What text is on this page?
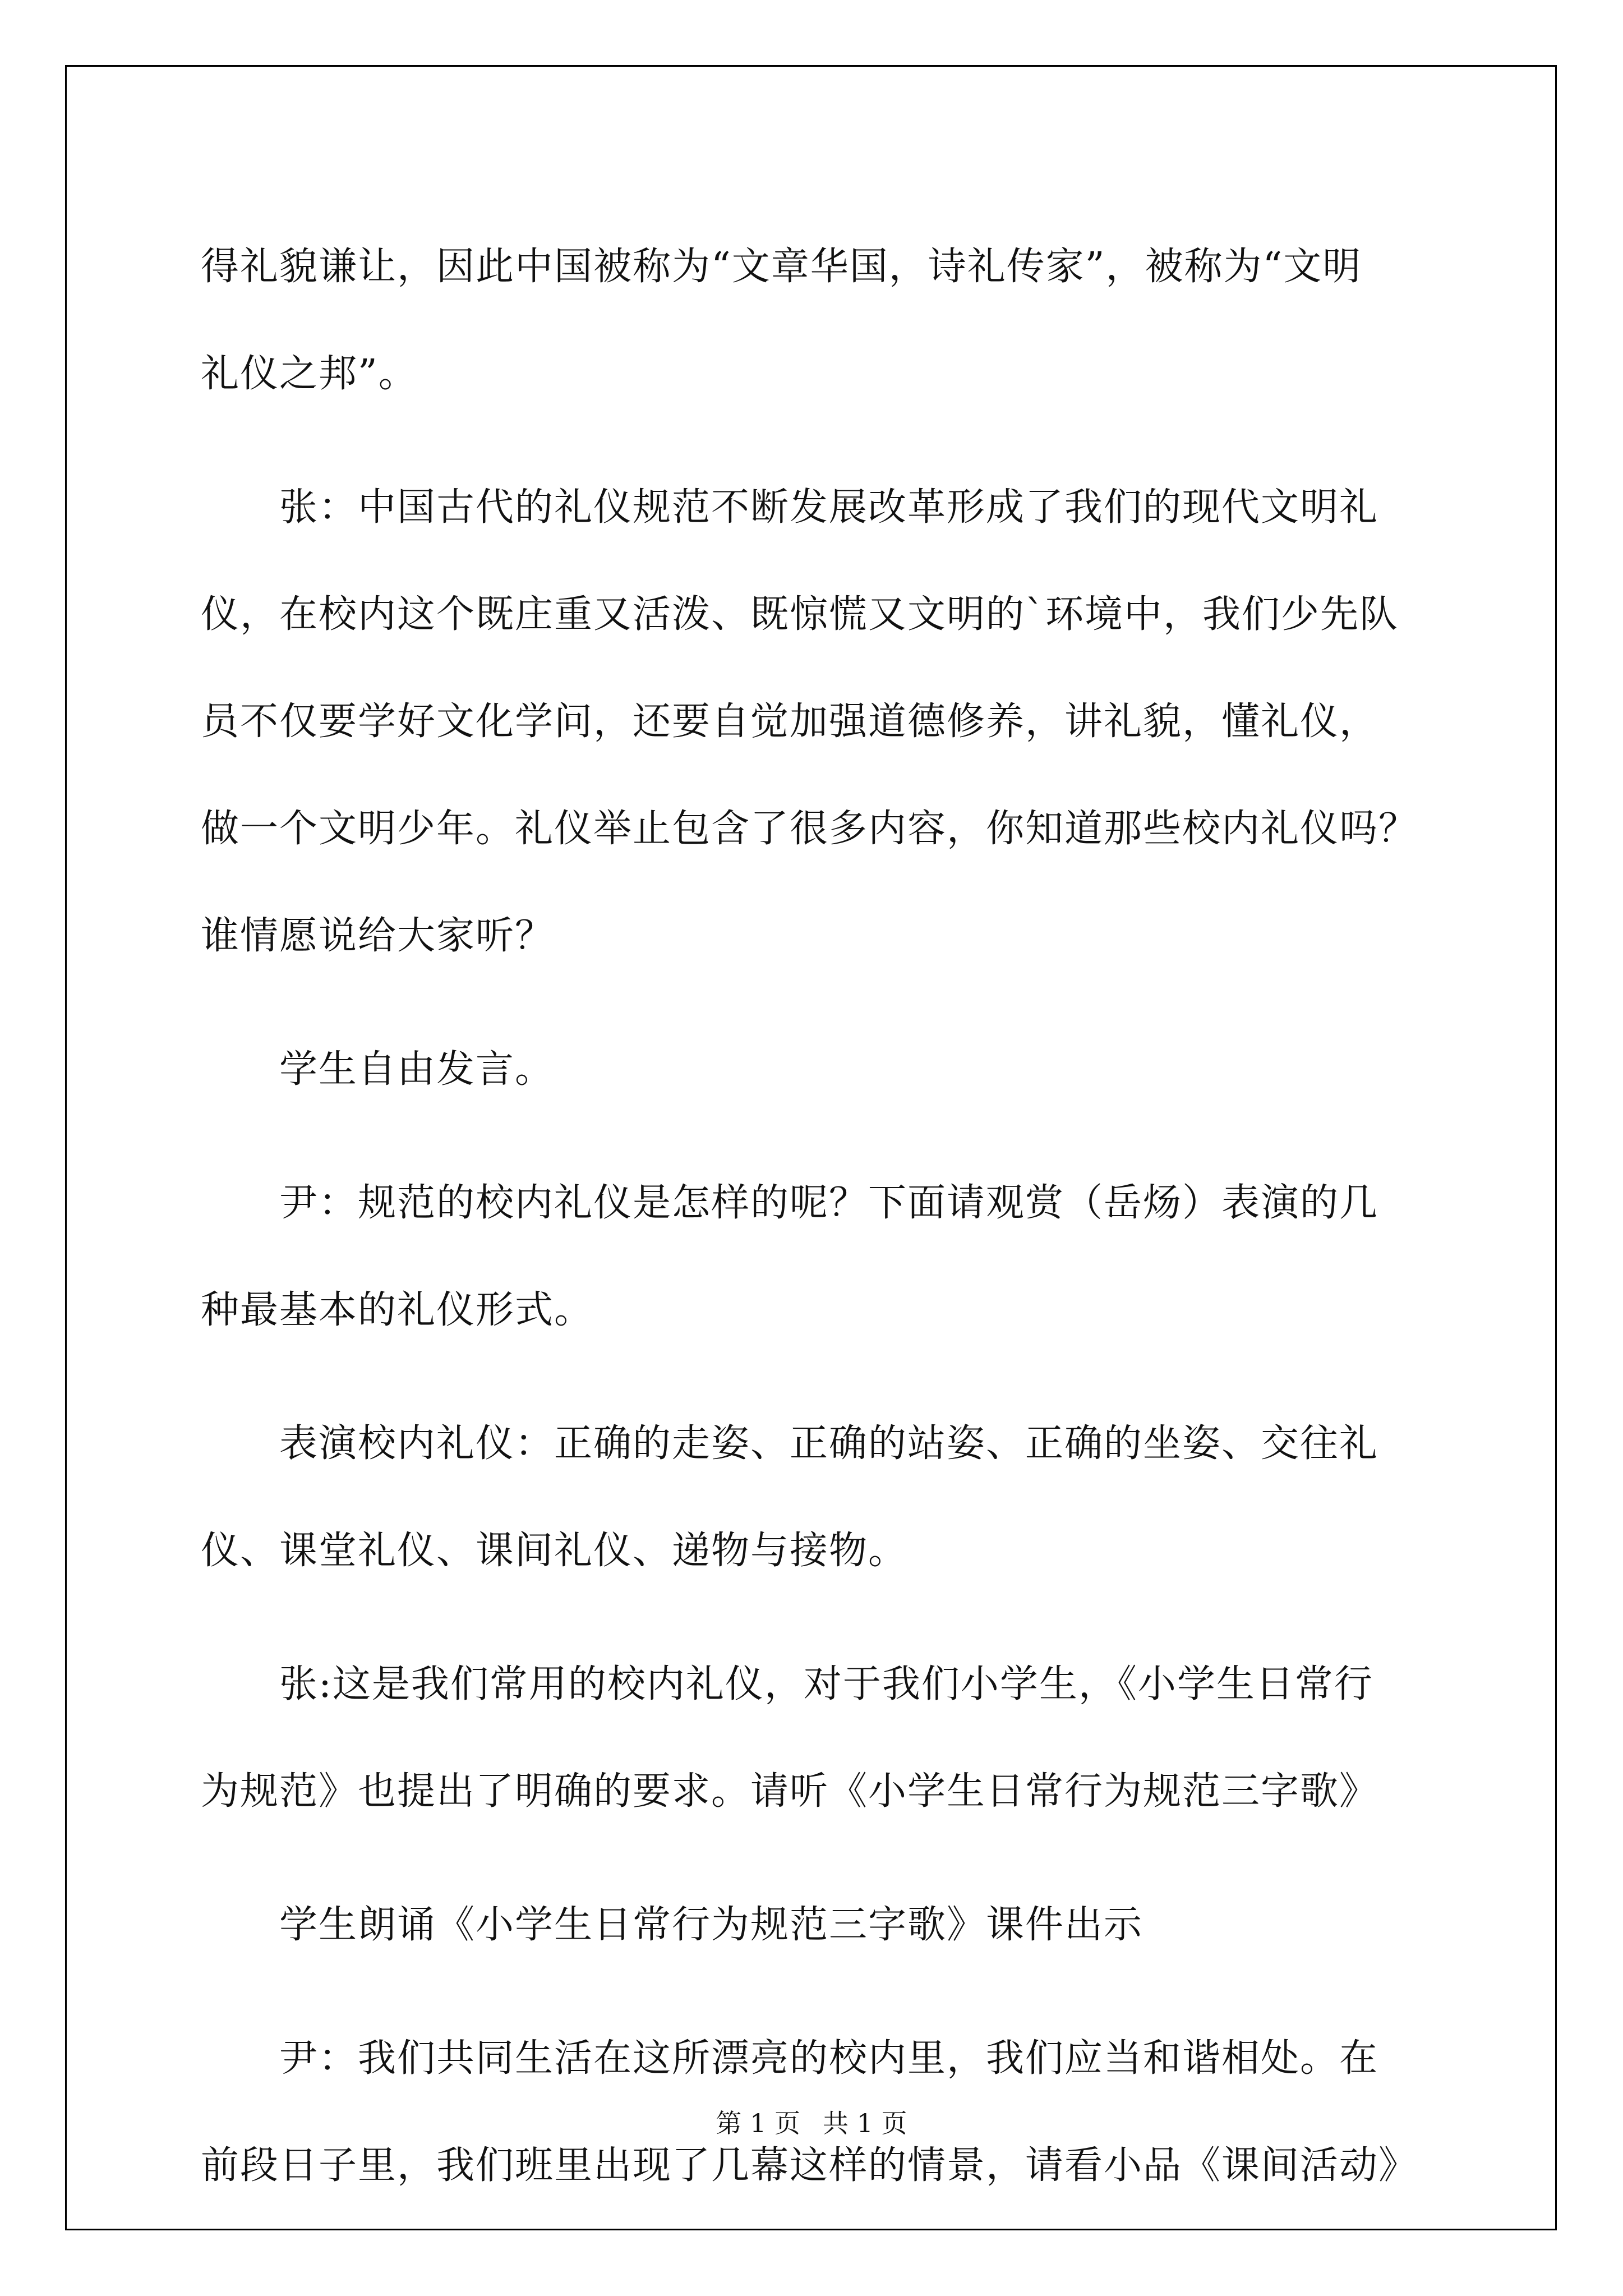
得礼貌谦让，因此中国被称为“文章华国，诗礼传家”，被称为“文明
礼仪之邦”。

张：中国古代的礼仪规范不断发展改革形成了我们的现代文明礼
仪，在校内这个既庄重又活泼、既惊慌又文明的`环境中，我们少先队
员不仅要学好文化学问，还要自觉加强道德修养，讲礼貌，懂礼仪，
做一个文明少年。礼仪举止包含了很多内容，你知道那些校内礼仪吗？
谁情愿说给大家听？

学生自由发言。

尹：规范的校内礼仪是怎样的呢？下面请观赏（岳炀）表演的几
种最基本的礼仪形式。

表演校内礼仪：正确的走姿、正确的站姿、正确的坐姿、交往礼
仪、课堂礼仪、课间礼仪、递物与接物。

张:这是我们常用的校内礼仪，对于我们小学生，《小学生日常行
为规范》也提出了明确的要求。请听《小学生日常行为规范三字歌》

学生朗诵《小学生日常行为规范三字歌》课件出示

尹：我们共同生活在这所漂亮的校内里，我们应当和谐相处。在
前段日子里，我们班里出现了几幕这样的情景，请看小品《课间活动》

第 1 页 共 1 页
